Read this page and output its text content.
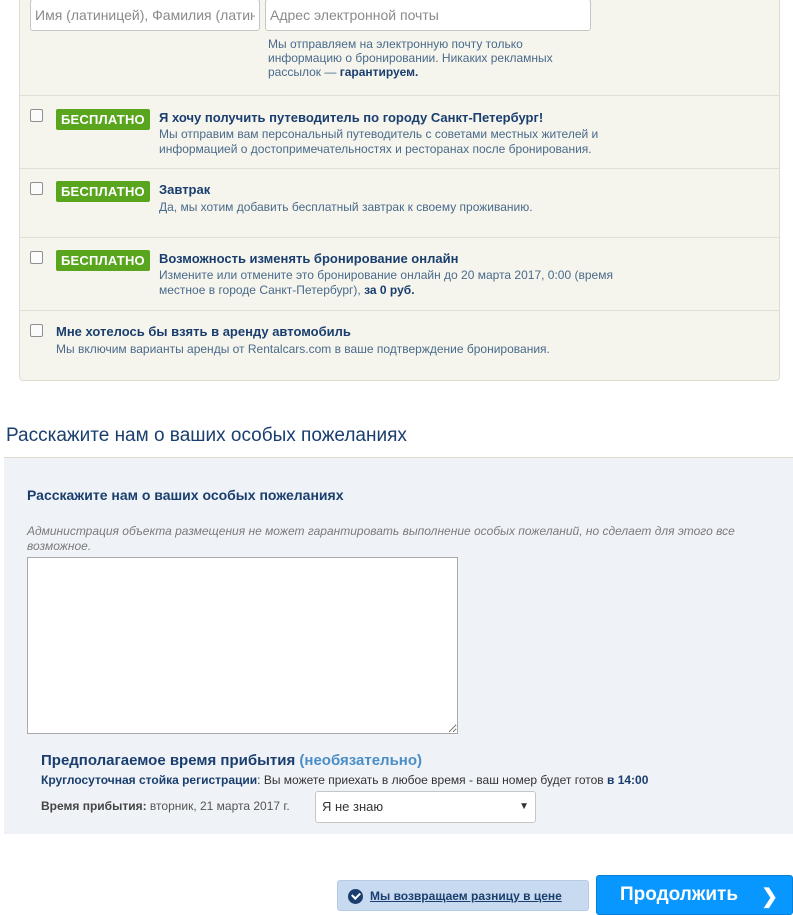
Имя (латиницей), Фамилия (латиницей)
Адрес электронной почты
Мы отправляем на электронную почту только информацию о бронировании. Никаких рекламных рассылок — гарантируем.
БЕСПЛАТНО	Я хочу получить путеводитель по городу Санкт-Петербург!
Мы отправим вам персональный путеводитель с советами местных жителей и информацией о достопримечательностях и ресторанах после бронирования.
БЕСПЛАТНО	Завтрак
Да, мы хотим добавить бесплатный завтрак к своему проживанию.
БЕСПЛАТНО	Возможность изменять бронирование онлайн
Измените или отмените это бронирование онлайн до 20 марта 2017, 0:00 (время местное в городе Санкт-Петербург), за 0 руб.
Мне хотелось бы взять в аренду автомобиль
Мы включим варианты аренды от Rentalcars.com в ваше подтверждение бронирования.
Расскажите нам о ваших особых пожеланиях
Расскажите нам о ваших особых пожеланиях
Администрация объекта размещения не может гарантировать выполнение особых пожеланий, но сделает для этого все возможное.
Предполагаемое время прибытия (необязательно)
Круглосуточная стойка регистрации: Вы можете приехать в любое время - ваш номер будет готов в 14:00
Время прибытия: вторник, 21 марта 2017 г.	Я не знаю	▼
Мы возвращаем разницу в цене	Продолжить ❯
